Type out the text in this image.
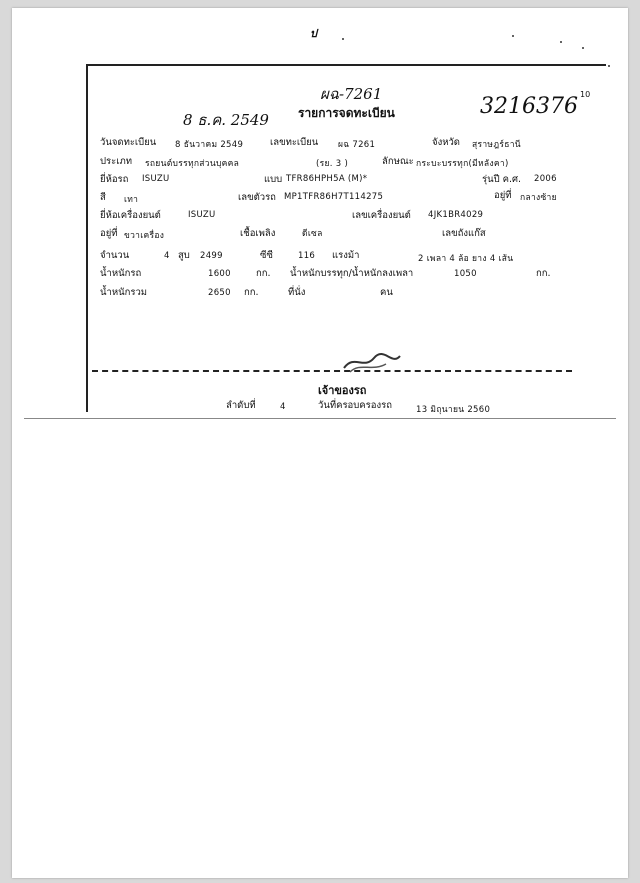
ป
ผฉ-7261
8 ธ.ค. 2549 รายการจดทะเบียน	3216376 10
วันจดทะเบียน 8 ธันวาคม 2549	เลขทะเบียน ผฉ 7261	จังหวัด สุราษฎร์ธานี
ประเภท รถยนต์บรรทุกส่วนบุคคล	(รย. 3 )	ลักษณะ กระบะบรรทุก(มีหลังคา)
ยี่ห้อรถ ISUZU	แบบ TFR86HPH5A (M)*	รุ่นปี ค.ศ. 2006
สี เทา	เลขตัวรถ MP1TFR86H7T114275	อยู่ที่ กลางซ้าย
ยี่ห้อเครื่องยนต์	ISUZU	เลขเครื่องยนต์ 4JK1BR4029
อยู่ที่ ขวาเครื่อง	เชื้อเพลิง	ดีเซล	เลขถังแก๊ส
จำนวน	4 สูบ 2499	ซีซี	116 แรงม้า	2 เพลา 4 ล้อ ยาง 4 เส้น
น้ำหนักรถ	1600	กก. น้ำหนักบรรทุก/น้ำหนักลงเพลา	1050	กก.
น้ำหนักรวม	2650 กก.	ที่นั่ง	คน
เจ้าของรถ
ลำดับที่	4	วันที่ครอบครองรถ	13 มิถุนายน 2560
